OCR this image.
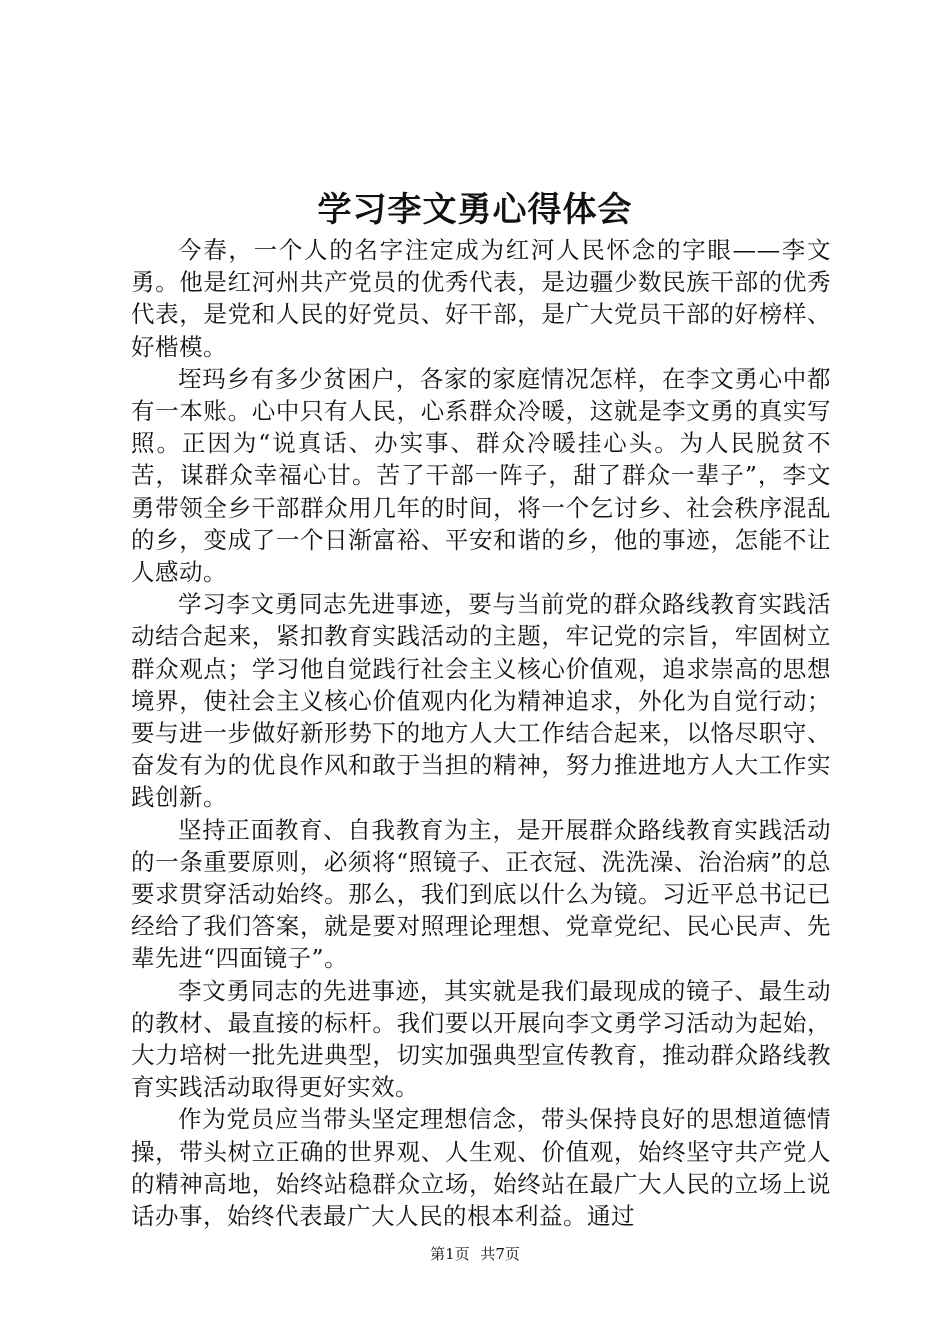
学习李文勇心得体会

今春，一个人的名字注定成为红河人民怀念的字眼——李文勇。他是红河州共产党员的优秀代表，是边疆少数民族干部的优秀代表，是党和人民的好党员、好干部，是广大党员干部的好榜样、好楷模。

垤玛乡有多少贫困户，各家的家庭情况怎样，在李文勇心中都有一本账。心中只有人民，心系群众冷暖，这就是李文勇的真实写照。正因为“说真话、办实事、群众冷暖挂心头。为人民脱贫不苦，谋群众幸福心甘。苦了干部一阵子，甜了群众一辈子”，李文勇带领全乡干部群众用几年的时间，将一个乞讨乡、社会秩序混乱的乡，变成了一个日渐富裕、平安和谐的乡，他的事迹，怎能不让人感动。

学习李文勇同志先进事迹，要与当前党的群众路线教育实践活动结合起来，紧扣教育实践活动的主题，牢记党的宗旨，牢固树立群众观点；学习他自觉践行社会主义核心价值观，追求崇高的思想境界，使社会主义核心价值观内化为精神追求，外化为自觉行动；要与进一步做好新形势下的地方人大工作结合起来，以恪尽职守、奋发有为的优良作风和敢于当担的精神，努力推进地方人大工作实践创新。

坚持正面教育、自我教育为主，是开展群众路线教育实践活动的一条重要原则，必须将“照镜子、正衣冠、洗洗澡、治治病”的总要求贯穿活动始终。那么，我们到底以什么为镜。习近平总书记已经给了我们答案，就是要对照理论理想、党章党纪、民心民声、先辈先进“四面镜子”。

李文勇同志的先进事迹，其实就是我们最现成的镜子、最生动的教材、最直接的标杆。我们要以开展向李文勇学习活动为起始，大力培树一批先进典型，切实加强典型宣传教育，推动群众路线教育实践活动取得更好实效。

作为党员应当带头坚定理想信念，带头保持良好的思想道德情操，带头树立正确的世界观、人生观、价值观，始终坚守共产党人的精神高地，始终站稳群众立场，始终站在最广大人民的立场上说话办事，始终代表最广大人民的根本利益。通过

第1页 共7页
